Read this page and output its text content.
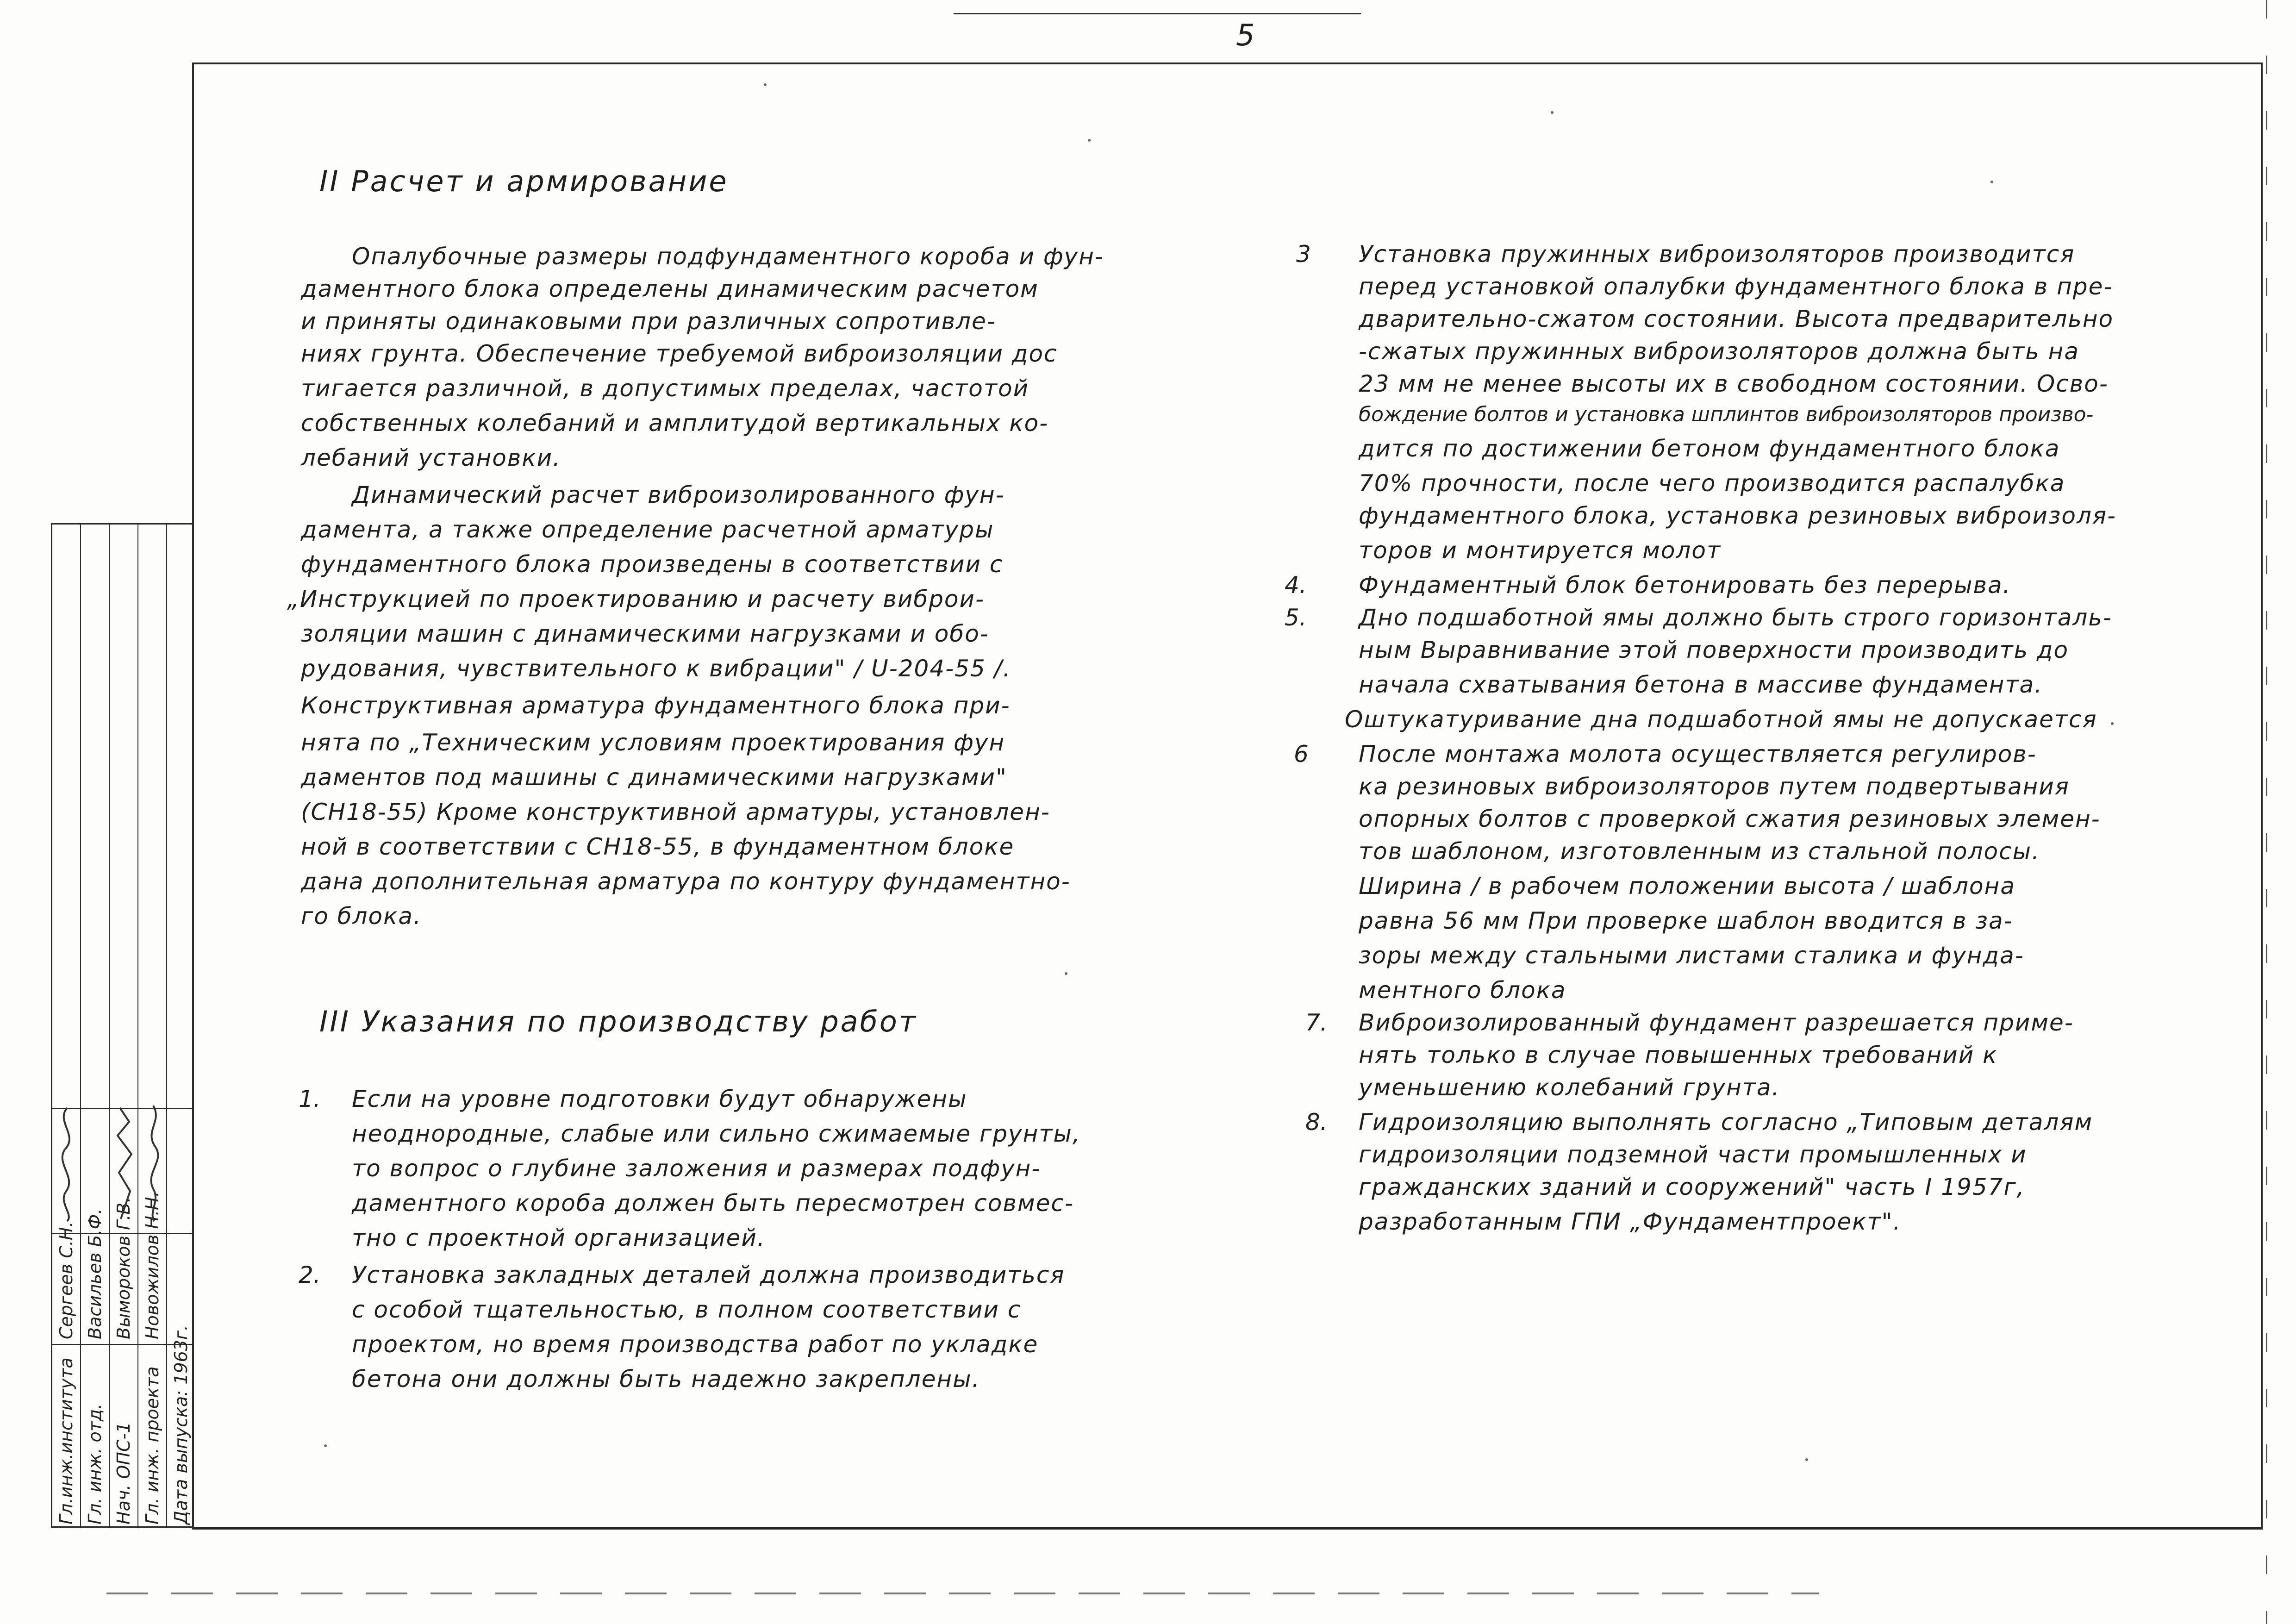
5
Гл.инж.института Гл. инж. отд. Нач. ОПС-1 Гл. инж. проекта Дата выпуска: 1963г.
Сергеев С.Н. Васильев Б.Ф. Вымороков Г.В. Новожилов Н.Н.
II Расчет и армирование
Опалубочные размеры подфундаментного короба и фун-
даментного блока определены динамическим расчетом
и приняты одинаковыми при различных сопротивле-
ниях грунта. Обеспечение требуемой виброизоляции дос
тигается различной, в допустимых пределах, частотой
собственных колебаний и амплитудой вертикальных ко-
лебаний установки.
Динамический расчет виброизолированного фун-
дамента, а также определение расчетной арматуры
фундаментного блока произведены в соответствии с
„Инструкцией по проектированию и расчету виброи-
золяции машин с динамическими нагрузками и обо-
рудования, чувствительного к вибрации" / U-204-55 /.
Конструктивная арматура фундаментного блока при-
нята по „Техническим условиям проектирования фун
даментов под машины с динамическими нагрузками"
(СН18-55) Кроме конструктивной арматуры, установлен-
ной в соответствии с СН18-55, в фундаментном блоке
дана дополнительная арматура по контуру фундаментно-
го блока.
III Указания по производству работ
1. Если на уровне подготовки будут обнаружены
неоднородные, слабые или сильно сжимаемые грунты,
то вопрос о глубине заложения и размерах подфун-
даментного короба должен быть пересмотрен совмес-
тно с проектной организацией.
2. Установка закладных деталей должна производиться
с особой тщательностью, в полном соответствии с
проектом, но время производства работ по укладке
бетона они должны быть надежно закреплены.
3 Установка пружинных виброизоляторов производится
перед установкой опалубки фундаментного блока в пре-
дварительно-сжатом состоянии. Высота предварительно
-сжатых пружинных виброизоляторов должна быть на
23 мм не менее высоты их в свободном состоянии. Осво-
бождение болтов и установка шплинтов виброизоляторов произво-
дится по достижении бетоном фундаментного блока
70% прочности, после чего производится распалубка
фундаментного блока, установка резиновых виброизоля-
торов и монтируется молот
4. Фундаментный блок бетонировать без перерыва.
5. Дно подшаботной ямы должно быть строго горизонталь-
ным Выравнивание этой поверхности производить до
начала схватывания бетона в массиве фундамента.
Оштукатуривание дна подшаботной ямы не допускается
6 После монтажа молота осуществляется регулиров-
ка резиновых виброизоляторов путем подвертывания
опорных болтов с проверкой сжатия резиновых элемен-
тов шаблоном, изготовленным из стальной полосы.
Ширина / в рабочем положении высота / шаблона
равна 56 мм При проверке шаблон вводится в за-
зоры между стальными листами сталика и фунда-
ментного блока
7. Виброизолированный фундамент разрешается приме-
нять только в случае повышенных требований к
уменьшению колебаний грунта.
8. Гидроизоляцию выполнять согласно „Типовым деталям
гидроизоляции подземной части промышленных и
гражданских зданий и сооружений" часть I 1957г,
разработанным ГПИ „Фундаментпроект".
